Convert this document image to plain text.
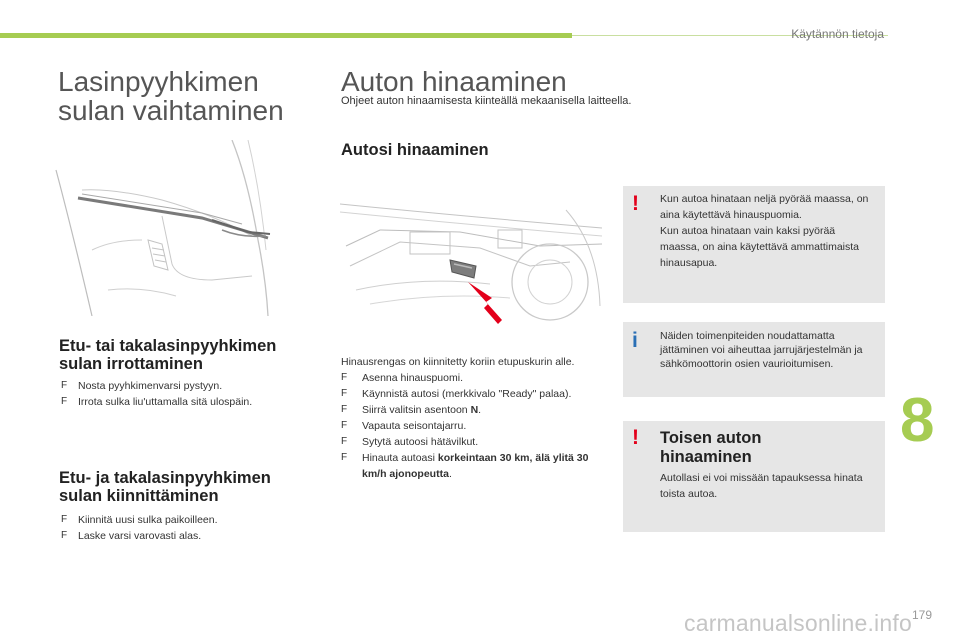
Käytännön tietoja
Lasinpyyhkimen
sulan vaihtaminen
Etu- tai takalasinpyyhkimen
sulan irrottaminen
F Nosta pyyhkimenvarsi pystyyn.
F Irrota sulka liu'uttamalla sitä ulospäin.
Etu- ja takalasinpyyhkimen
sulan kiinnittäminen
F Kiinnitä uusi sulka paikoilleen.
F Laske varsi varovasti alas.
Auton hinaaminen
Ohjeet auton hinaamisesta kiinteällä mekaanisella laitteella.
Autosi hinaaminen

Hinausrengas on kiinnitetty koriin etupuskurin alle.

F Asenna hinauspuomi.
F Käynnistä autosi (merkkivalo "Ready" palaa).
F Siirrä valitsin asentoon N.
F Vapauta seisontajarru.
F Sytytä autoosi hätävilkut.
F Hinauta autoasi korkeintaan 30 km, älä ylitä 30 km/h ajonopeutta.
! Kun autoa hinataan neljä pyörää maassa, on aina käytettävä hinauspuomia.

Kun autoa hinataan vain kaksi pyörää maassa, on aina käytettävä ammattimaista hinausapua.

i Näiden toimenpiteiden noudattamatta jättäminen voi aiheuttaa jarrujärjestelmän ja sähkömoottorin osien vaurioitumisen.
! Toisen auton
hinaaminen
Autollasi ei voi missään tapauksessa hinata toista autoa.
8
carmanualsonline.info 179
